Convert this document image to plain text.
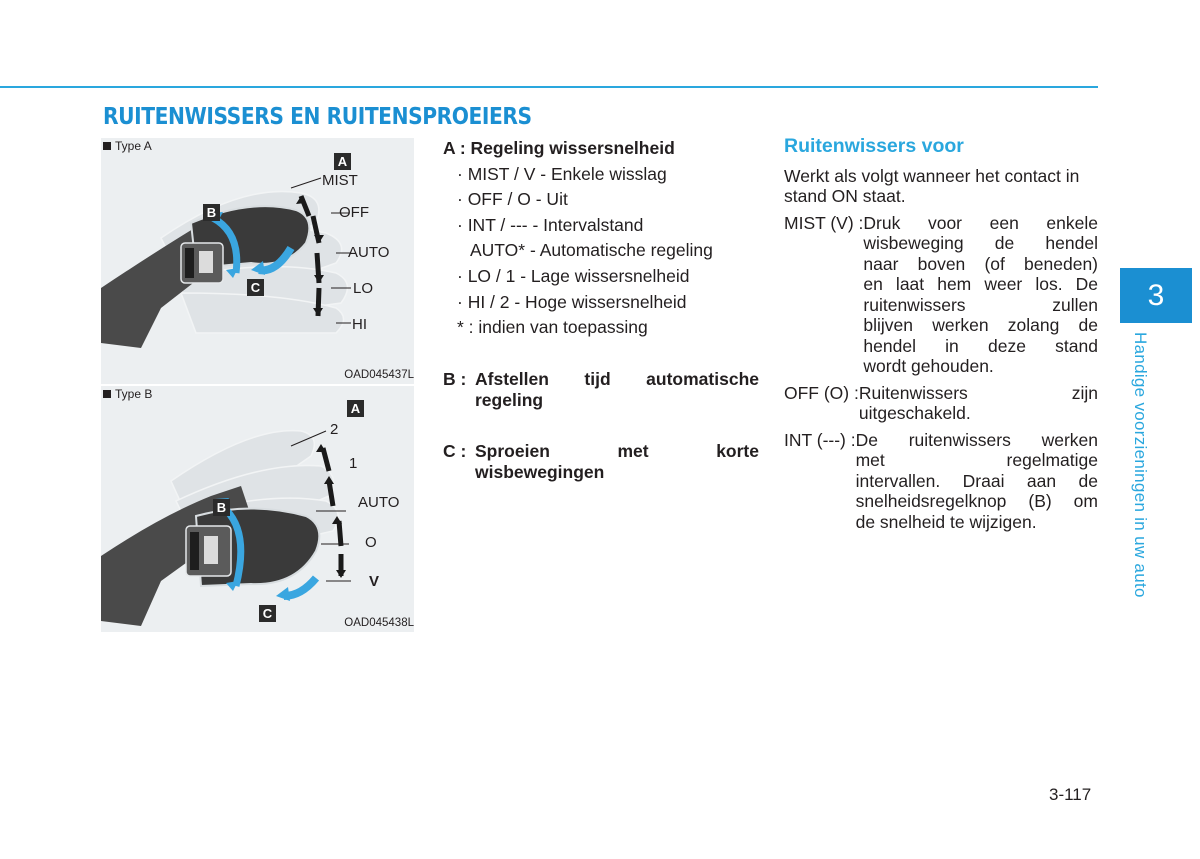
RUITENWISSERS EN RUITENSPROEIERS
Type A
A
B
C
MIST
OFF
AUTO
LO
HI
OAD045437L
Type B
A
B
C
2
1
AUTO
O
V
OAD045438L
A : Regeling wissersnelheid
· MIST / V - Enkele wisslag
· OFF / O - Uit
· INT / --- - Intervalstand
AUTO* - Automatische regeling
· LO / 1 - Lage wissersnelheid
· HI / 2 - Hoge wissersnelheid
* : indien van toepassing
B : Afstellen tijd automatische
regeling
C : Sproeien met korte
wisbewegingen
Ruitenwissers voor

Werkt als volgt wanneer het contact in
stand ON staat.

MIST (V) : Druk voor een enkele
wisbeweging de hendel
naar boven (of beneden)
en laat hem weer los. De
ruitenwissers zullen
blijven werken zolang de
hendel in deze stand
wordt gehouden.
OFF (O) : Ruitenwissers zijn
uitgeschakeld.
INT (---) : De ruitenwissers werken
met regelmatige
intervallen. Draai aan de
snelheidsregelknop (B) om
de snelheid te wijzigen.
3
Handige voorzieningen in uw auto
3-117
